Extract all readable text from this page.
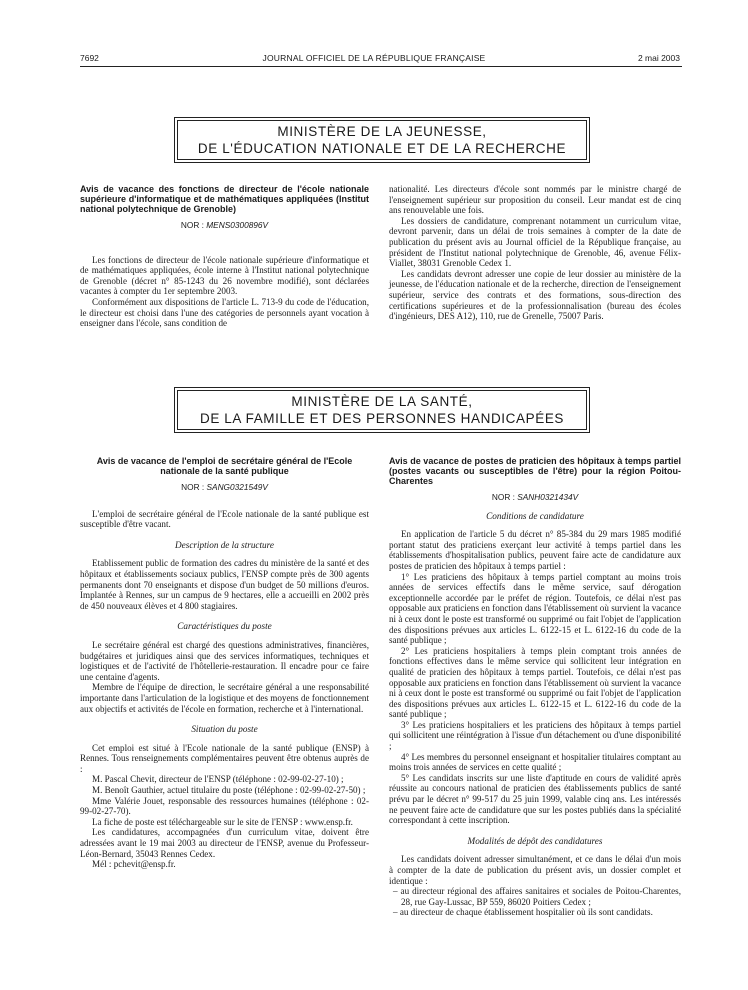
7692	JOURNAL OFFICIEL DE LA RÉPUBLIQUE FRANÇAISE	2 mai 2003
MINISTÈRE DE LA JEUNESSE,
DE L'ÉDUCATION NATIONALE ET DE LA RECHERCHE

Avis de vacance des fonctions de directeur de l'école nationale supérieure d'informatique et de mathématiques appliquées (Institut national polytechnique de Grenoble)

NOR : MENS0300896V

Les fonctions de directeur de l'école nationale supérieure d'informatique et de mathématiques appliquées, école interne à l'Institut national polytechnique de Grenoble (décret n° 85-1243 du 26 novembre modifié), sont déclarées vacantes à compter du 1er septembre 2003.

Conformément aux dispositions de l'article L. 713-9 du code de l'éducation, le directeur est choisi dans l'une des catégories de personnels ayant vocation à enseigner dans l'école, sans condition de

nationalité. Les directeurs d'école sont nommés par le ministre chargé de l'enseignement supérieur sur proposition du conseil. Leur mandat est de cinq ans renouvelable une fois.

Les dossiers de candidature, comprenant notamment un curriculum vitae, devront parvenir, dans un délai de trois semaines à compter de la date de publication du présent avis au Journal officiel de la République française, au président de l'Institut national polytechnique de Grenoble, 46, avenue Félix-Viallet, 38031 Grenoble Cedex 1.

Les candidats devront adresser une copie de leur dossier au ministère de la jeunesse, de l'éducation nationale et de la recherche, direction de l'enseignement supérieur, service des contrats et des formations, sous-direction des certifications supérieures et de la professionnalisation (bureau des écoles d'ingénieurs, DES A12), 110, rue de Grenelle, 75007 Paris.

MINISTÈRE DE LA SANTÉ,
DE LA FAMILLE ET DES PERSONNES HANDICAPÉES

Avis de vacance de l'emploi de secrétaire général de l'Ecole nationale de la santé publique

NOR : SANG0321549V

L'emploi de secrétaire général de l'Ecole nationale de la santé publique est susceptible d'être vacant.

Description de la structure

Etablissement public de formation des cadres du ministère de la santé et des hôpitaux et établissements sociaux publics, l'ENSP compte près de 300 agents permanents dont 70 enseignants et dispose d'un budget de 50 millions d'euros. Implantée à Rennes, sur un campus de 9 hectares, elle a accueilli en 2002 près de 450 nouveaux élèves et 4 800 stagiaires.

Caractéristiques du poste

Le secrétaire général est chargé des questions administratives, financières, budgétaires et juridiques ainsi que des services informatiques, techniques et logistiques et de l'activité de l'hôtellerie-restauration. Il encadre pour ce faire une centaine d'agents.

Membre de l'équipe de direction, le secrétaire général a une responsabilité importante dans l'articulation de la logistique et des moyens de fonctionnement aux objectifs et activités de l'école en formation, recherche et à l'international.

Situation du poste

Cet emploi est situé à l'Ecole nationale de la santé publique (ENSP) à Rennes. Tous renseignements complémentaires peuvent être obtenus auprès de :

M. Pascal Chevit, directeur de l'ENSP (téléphone : 02-99-02-27-10) ;

M. Benoît Gauthier, actuel titulaire du poste (téléphone : 02-99-02-27-50) ;

Mme Valérie Jouet, responsable des ressources humaines (téléphone : 02-99-02-27-70).

La fiche de poste est téléchargeable sur le site de l'ENSP : www.ensp.fr.

Les candidatures, accompagnées d'un curriculum vitae, doivent être adressées avant le 19 mai 2003 au directeur de l'ENSP, avenue du Professeur-Léon-Bernard, 35043 Rennes Cedex.

Mél : pchevit@ensp.fr.

Avis de vacance de postes de praticien des hôpitaux à temps partiel (postes vacants ou susceptibles de l'être) pour la région Poitou-Charentes

NOR : SANH0321434V
Conditions de candidature

En application de l'article 5 du décret n° 85-384 du 29 mars 1985 modifié portant statut des praticiens exerçant leur activité à temps partiel dans les établissements d'hospitalisation publics, peuvent faire acte de candidature aux postes de praticien des hôpitaux à temps partiel :

1° Les praticiens des hôpitaux à temps partiel comptant au moins trois années de services effectifs dans le même service, sauf dérogation exceptionnelle accordée par le préfet de région. Toutefois, ce délai n'est pas opposable aux praticiens en fonction dans l'établissement où survient la vacance ni à ceux dont le poste est transformé ou supprimé ou fait l'objet de l'application des dispositions prévues aux articles L. 6122-15 et L. 6122-16 du code de la santé publique ;

2° Les praticiens hospitaliers à temps plein comptant trois années de fonctions effectives dans le même service qui sollicitent leur intégration en qualité de praticien des hôpitaux à temps partiel. Toutefois, ce délai n'est pas opposable aux praticiens en fonction dans l'établissement où survient la vacance ni à ceux dont le poste est transformé ou supprimé ou fait l'objet de l'application des dispositions prévues aux articles L. 6122-15 et L. 6122-16 du code de la santé publique ;

3° Les praticiens hospitaliers et les praticiens des hôpitaux à temps partiel qui sollicitent une réintégration à l'issue d'un détachement ou d'une disponibilité ;

4° Les membres du personnel enseignant et hospitalier titulaires comptant au moins trois années de services en cette qualité ;

5° Les candidats inscrits sur une liste d'aptitude en cours de validité après réussite au concours national de praticien des établissements publics de santé prévu par le décret n° 99-517 du 25 juin 1999, valable cinq ans. Les intéressés ne peuvent faire acte de candidature que sur les postes publiés dans la spécialité correspondant à cette inscription.

Modalités de dépôt des candidatures

Les candidats doivent adresser simultanément, et ce dans le délai d'un mois à compter de la date de publication du présent avis, un dossier complet et identique :

– au directeur régional des affaires sanitaires et sociales de Poitou-Charentes, 28, rue Gay-Lussac, BP 559, 86020 Poitiers Cedex ;

– au directeur de chaque établissement hospitalier où ils sont candidats.
